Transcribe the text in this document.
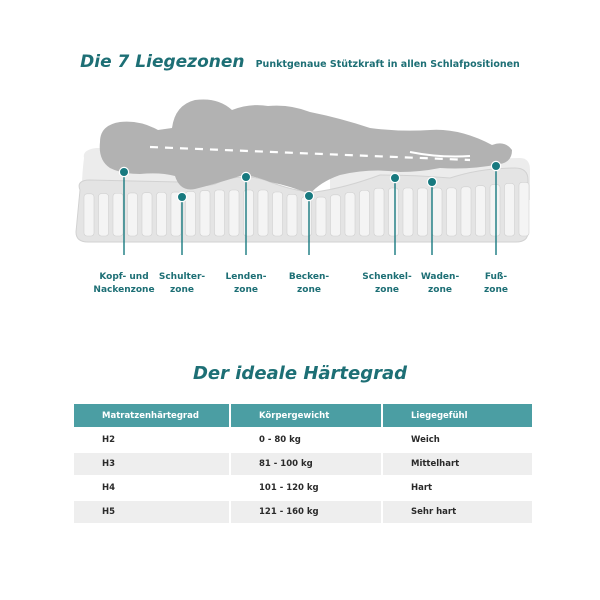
Die 7 Liegezonen Punktgenaue Stützkraft in allen Schlafpositionen
Kopf- und
Nackenzone
Schulter-
zone
Lenden-
zone
Becken-
zone
Schenkel-
zone
Waden-
zone
Fuß-
zone
Der ideale Härtegrad
Matratzenhärtegrad	Körpergewicht	Liegegefühl
H2	0 - 80 kg	Weich
H3	81 - 100 kg	Mittelhart
H4	101 - 120 kg	Hart
H5	121 - 160 kg	Sehr hart
